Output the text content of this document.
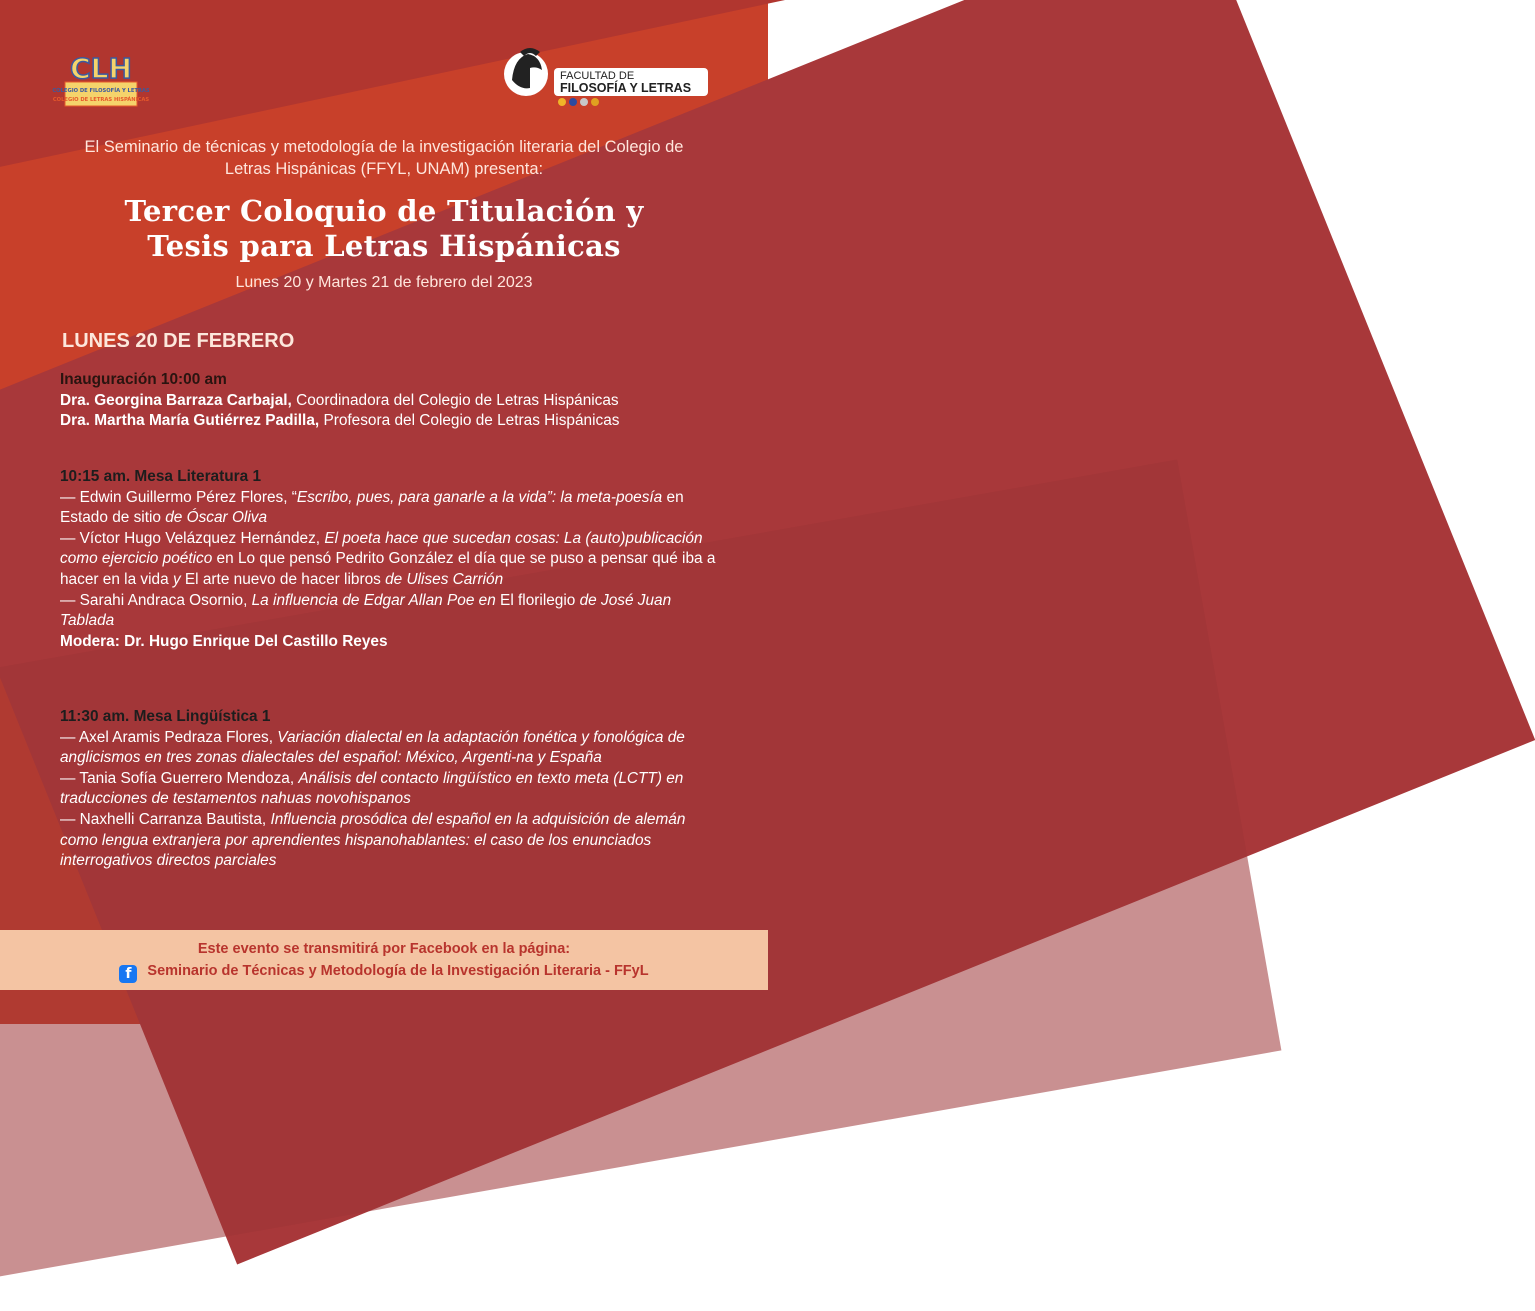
CLH
COLEGIO DE FILOSOFÍA Y LETRAS
COLEGIO DE LETRAS HISPÁNICAS
FACULTAD DE
FILOSOFÍA Y LETRAS
El Seminario de técnicas y metodología de la investigación literaria del Colegio de Letras Hispánicas (FFYL, UNAM) presenta:
Tercer Coloquio de Titulación y
Tesis para Letras Hispánicas
Lunes 20 y Martes 21 de febrero del 2023
LUNES 20 DE FEBRERO

Inauguración 10:00 am

Dra. Georgina Barraza Carbajal, Coordinadora del Colegio de Letras Hispánicas

Dra. Martha María Gutiérrez Padilla, Profesora del Colegio de Letras Hispánicas

10:15 am. Mesa Literatura 1

— Edwin Guillermo Pérez Flores, “Escribo, pues, para ganarle a la vida”: la meta-poesía en Estado de sitio de Óscar Oliva

— Víctor Hugo Velázquez Hernández, El poeta hace que sucedan cosas: La (auto)publicación como ejercicio poético en Lo que pensó Pedrito González el día que se puso a pensar qué iba a hacer en la vida y El arte nuevo de hacer libros de Ulises Carrión

— Sarahi Andraca Osornio, La influencia de Edgar Allan Poe en El florilegio de José Juan Tablada

Modera: Dr. Hugo Enrique Del Castillo Reyes

11:30 am. Mesa Lingüística 1

— Axel Aramis Pedraza Flores, Variación dialectal en la adaptación fonética y fonológica de anglicismos en tres zonas dialectales del español: México, Argenti-na y España

— Tania Sofía Guerrero Mendoza, Análisis del contacto lingüístico en texto meta (LCTT) en traducciones de testamentos nahuas novohispanos

— Naxhelli Carranza Bautista, Influencia prosódica del español en la adquisición de alemán como lengua extranjera por aprendientes hispanohablantes: el caso de los enunciados interrogativos directos parciales

Este evento se transmitirá por Facebook en la página:
f Seminario de Técnicas y Metodología de la Investigación Literaria - FFyL
